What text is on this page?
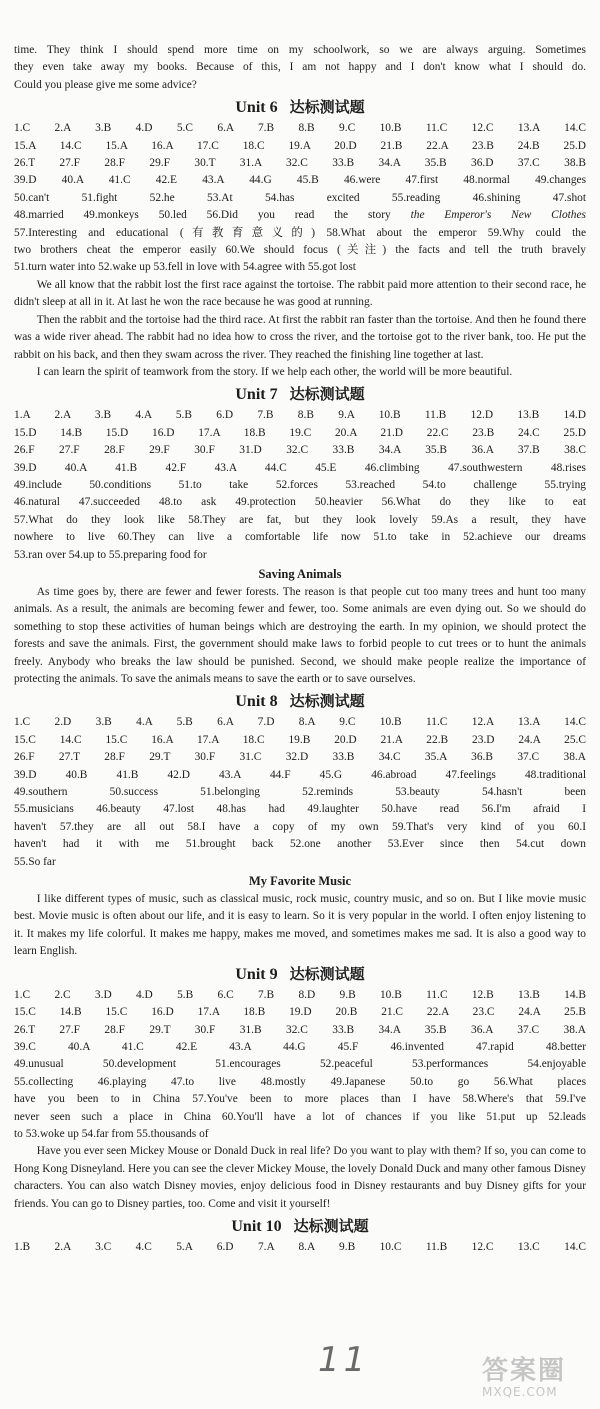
time. They think I should spend more time on my schoolwork, so we are always arguing. Sometimes
they even take away my books. Because of this, I am not happy and I don't know what I should do.
Could you please give me some advice?
Unit 6 达标测试题
1.C 2.A 3.B 4.D 5.C 6.A 7.B 8.B 9.C 10.B 11.C 12.C 13.A 14.C
15.A 14.C 15.A 16.A 17.C 18.C 19.A 20.D 21.B 22.A 23.B 24.B 25.D
26.T 27.F 28.F 29.F 30.T 31.A 32.C 33.B 34.A 35.B 36.D 37.C 38.B
39.D 40.A 41.C 42.E 43.A 44.G 45.B 46.were 47.first 48.normal 49.changes
50.can't 51.fight 52.he 53.At 54.has excited 55.reading 46.shining 47.shot
48.married 49.monkeys 50.led 56.Did you read the story the Emperor's New Clothes
57.Interesting and educational (有教育意义的) 58.What about the emperor 59.Why could the
two brothers cheat the emperor easily 60.We should focus (关注) the facts and tell the truth bravely
51.turn water into 52.wake up 53.fell in love with 54.agree with 55.got lost

We all know that the rabbit lost the first race against the tortoise. The rabbit paid more attention to their second race, he didn't sleep at all in it. At last he won the race because he was good at running.

Then the rabbit and the tortoise had the third race. At first the rabbit ran faster than the tortoise. And then he found there was a wide river ahead. The rabbit had no idea how to cross the river, and the tortoise got to the river bank, too. He put the rabbit on his back, and then they swam across the river. They reached the finishing line together at last.

I can learn the spirit of teamwork from the story. If we help each other, the world will be more beautiful.

Unit 7 达标测试题
1.A 2.A 3.B 4.A 5.B 6.D 7.B 8.B 9.A 10.B 11.B 12.D 13.B 14.D
15.D 14.B 15.D 16.D 17.A 18.B 19.C 20.A 21.D 22.C 23.B 24.C 25.D
26.F 27.F 28.F 29.F 30.F 31.D 32.C 33.B 34.A 35.B 36.A 37.B 38.C
39.D 40.A 41.B 42.F 43.A 44.C 45.E 46.climbing 47.southwestern 48.rises
49.include 50.conditions 51.to take 52.forces 53.reached 54.to challenge 55.trying
46.natural 47.succeeded 48.to ask 49.protection 50.heavier 56.What do they like to eat
57.What do they look like 58.They are fat, but they look lovely 59.As a result, they have
nowhere to live 60.They can live a comfortable life now 51.to take in 52.achieve our dreams
53.ran over 54.up to 55.preparing food for
Saving Animals

As time goes by, there are fewer and fewer forests. The reason is that people cut too many trees and hunt too many animals. As a result, the animals are becoming fewer and fewer, too. Some animals are even dying out. So we should do something to stop these activities of human beings which are destroying the earth. In my opinion, we should protect the forests and save the animals. First, the government should make laws to forbid people to cut trees or to hunt the animals freely. Anybody who breaks the law should be punished. Second, we should make people realize the importance of protecting the animals. To save the animals means to save the earth or to save ourselves.

Unit 8 达标测试题
1.C 2.D 3.B 4.A 5.B 6.A 7.D 8.A 9.C 10.B 11.C 12.A 13.A 14.C
15.C 14.C 15.C 16.A 17.A 18.C 19.B 20.D 21.A 22.B 23.D 24.A 25.C
26.F 27.T 28.F 29.T 30.F 31.C 32.D 33.B 34.C 35.A 36.B 37.C 38.A
39.D 40.B 41.B 42.D 43.A 44.F 45.G 46.abroad 47.feelings 48.traditional
49.southern 50.success 51.belonging 52.reminds 53.beauty 54.hasn't been
55.musicians 46.beauty 47.lost 48.has had 49.laughter 50.have read 56.I'm afraid I
haven't 57.they are all out 58.I have a copy of my own 59.That's very kind of you 60.I
haven't had it with me 51.brought back 52.one another 53.Ever since then 54.cut down
55.So far
My Favorite Music

I like different types of music, such as classical music, rock music, country music, and so on. But I like movie music best. Movie music is often about our life, and it is easy to learn. So it is very popular in the world. I often enjoy listening to it. It makes my life colorful. It makes me happy, makes me moved, and sometimes makes me sad. It is also a good way to learn English.

Unit 9 达标测试题
1.C 2.C 3.D 4.D 5.B 6.C 7.B 8.D 9.B 10.B 11.C 12.B 13.B 14.B
15.C 14.B 15.C 16.D 17.A 18.B 19.D 20.B 21.C 22.A 23.C 24.A 25.B
26.T 27.F 28.F 29.T 30.F 31.B 32.C 33.B 34.A 35.B 36.A 37.C 38.A
39.C 40.A 41.C 42.E 43.A 44.G 45.F 46.invented 47.rapid 48.better
49.unusual 50.development 51.encourages 52.peaceful 53.performances 54.enjoyable
55.collecting 46.playing 47.to live 48.mostly 49.Japanese 50.to go 56.What places
have you been to in China 57.You've been to more places than I have 58.Where's that 59.I've
never seen such a place in China 60.You'll have a lot of chances if you like 51.put up 52.leads
to 53.woke up 54.far from 55.thousands of

Have you ever seen Mickey Mouse or Donald Duck in real life? Do you want to play with them? If so, you can come to Hong Kong Disneyland. Here you can see the clever Mickey Mouse, the lovely Donald Duck and many other famous Disney characters. You can also watch Disney movies, enjoy delicious food in Disney restaurants and buy Disney gifts for your friends. You can go to Disney parties, too. Come and visit it yourself!

Unit 10 达标测试题
1.B 2.A 3.C 4.C 5.A 6.D 7.A 8.A 9.B 10.C 11.B 12.C 13.C 14.C
11	答案圈
MXQE.COM
